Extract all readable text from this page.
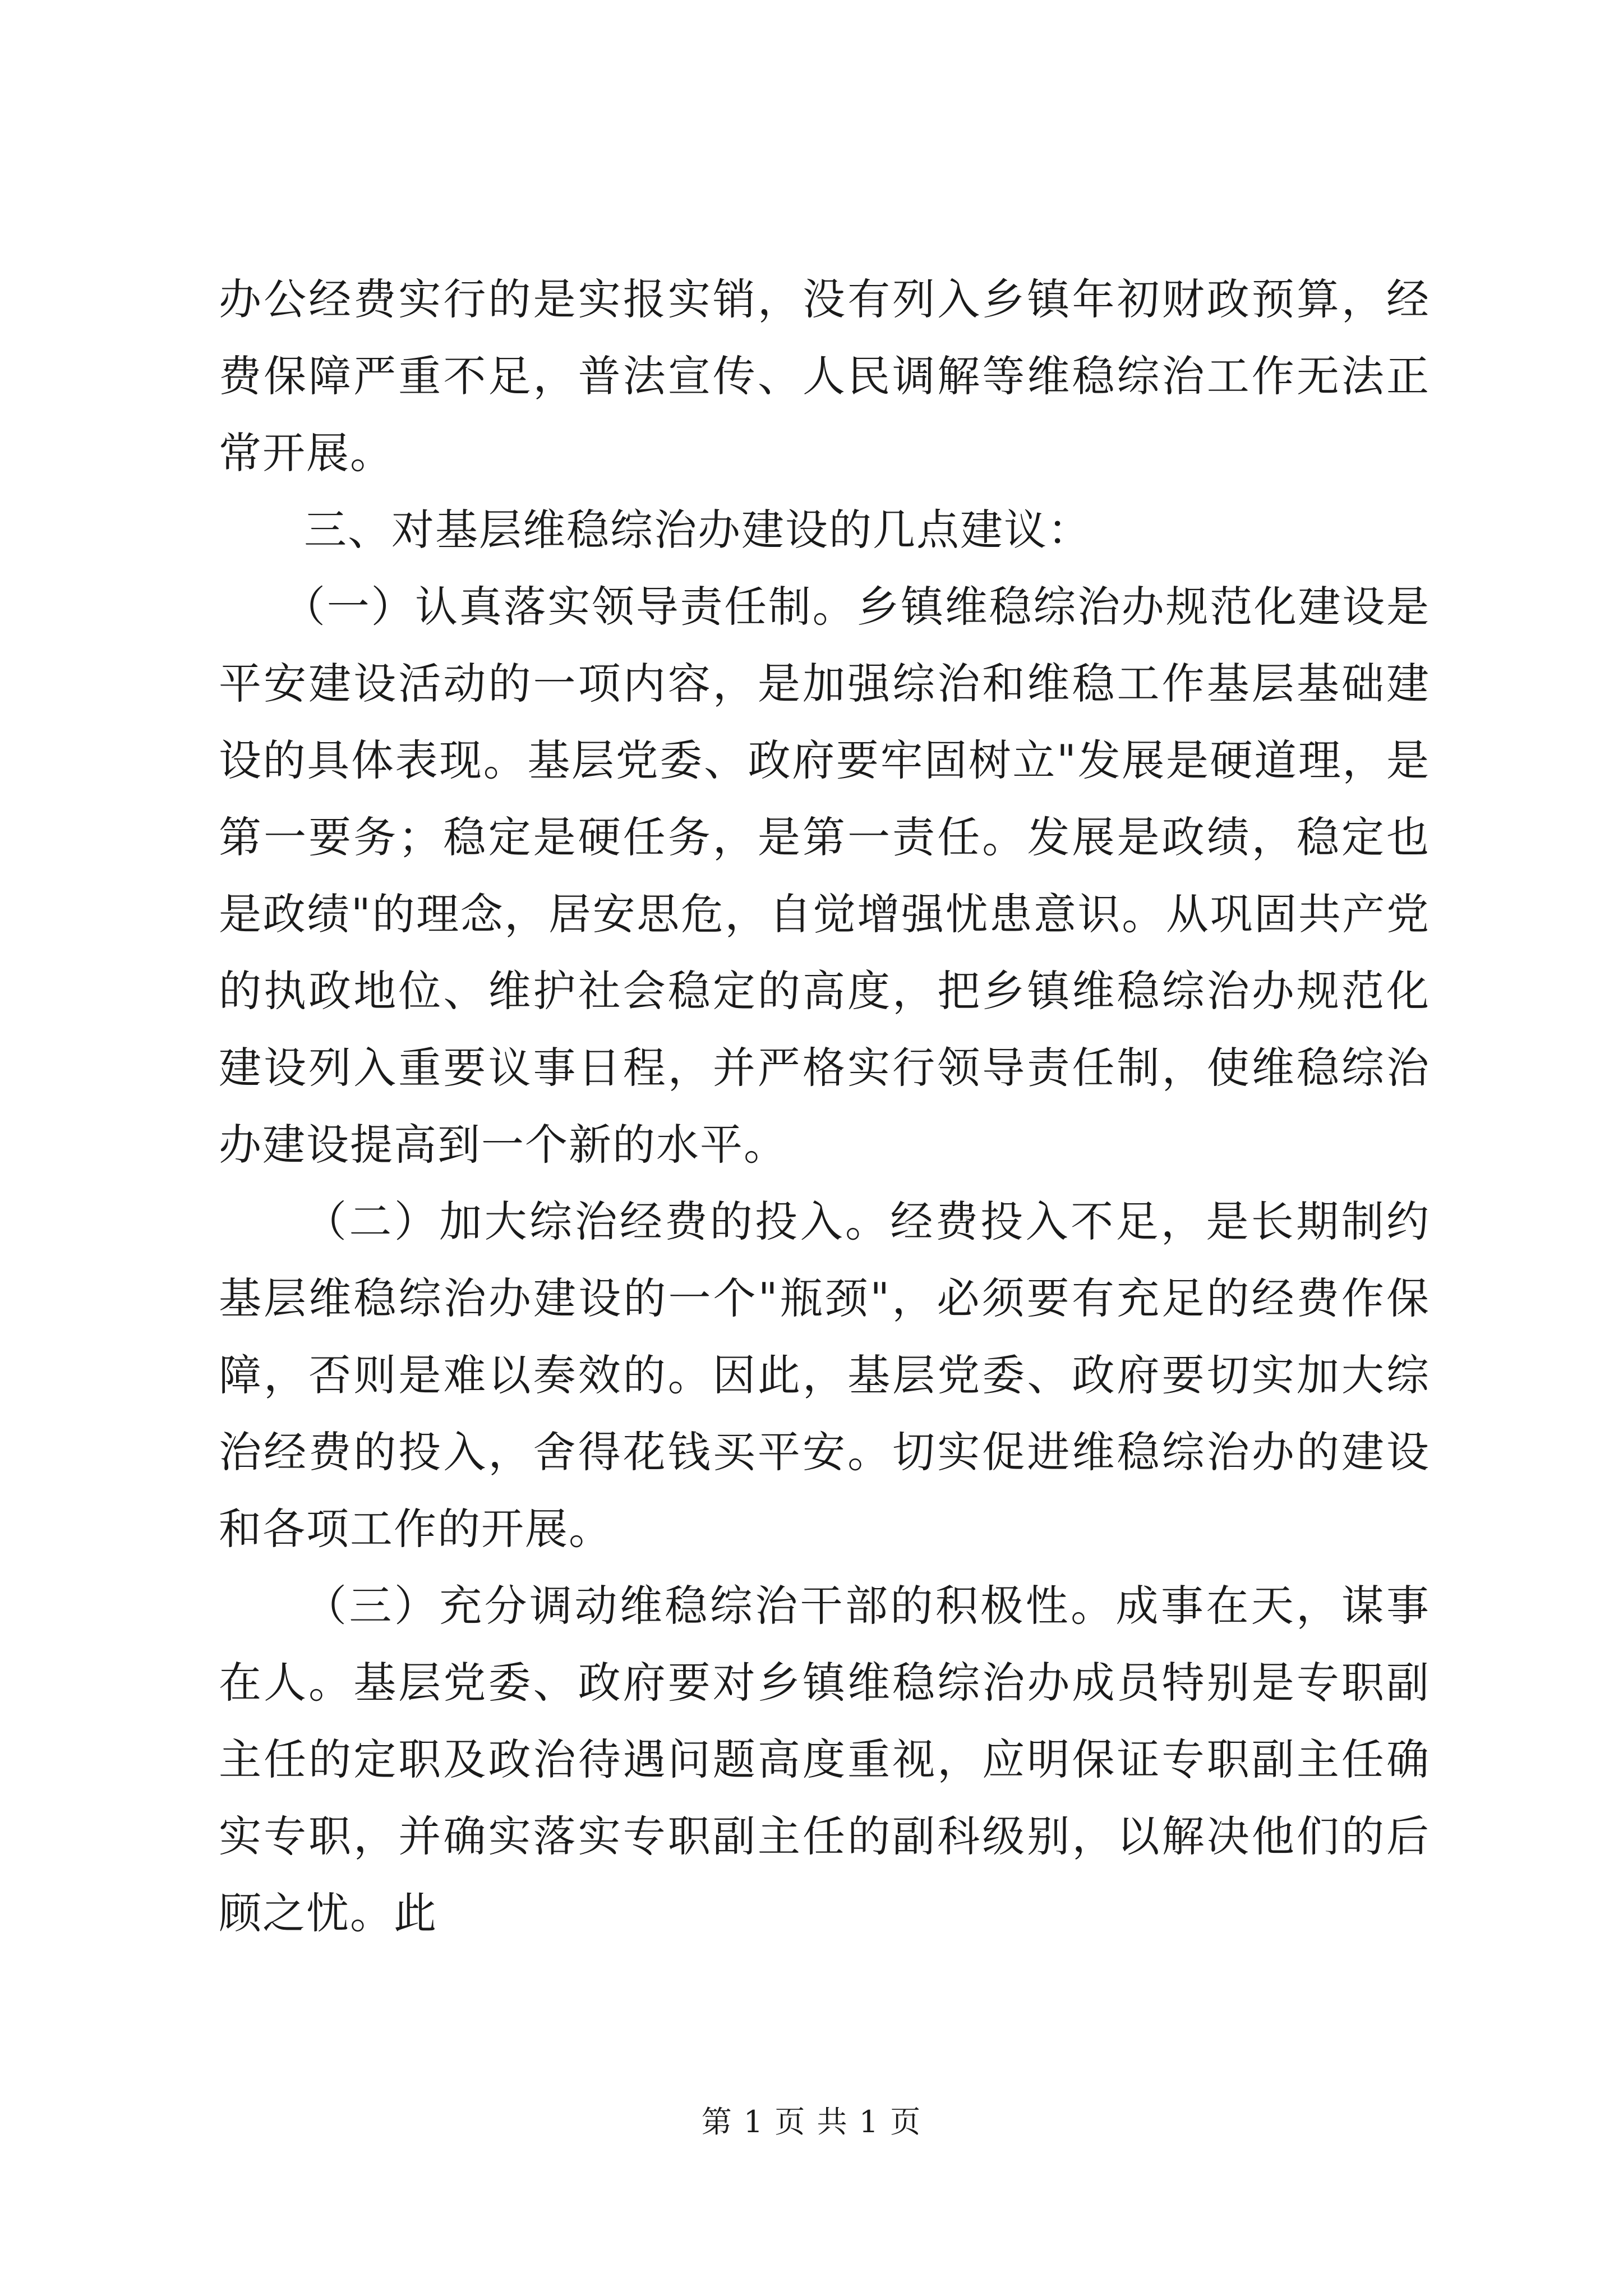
办公经费实行的是实报实销，没有列入乡镇年初财政预算，经费保障严重不足，普法宣传、人民调解等维稳综治工作无法正常开展。

三、对基层维稳综治办建设的几点建议：

（一）认真落实领导责任制。乡镇维稳综治办规范化建设是平安建设活动的一项内容，是加强综治和维稳工作基层基础建设的具体表现。基层党委、政府要牢固树立"发展是硬道理，是第一要务；稳定是硬任务，是第一责任。发展是政绩，稳定也是政绩"的理念，居安思危，自觉增强忧患意识。从巩固共产党的执政地位、维护社会稳定的高度，把乡镇维稳综治办规范化建设列入重要议事日程，并严格实行领导责任制，使维稳综治办建设提高到一个新的水平。

（二）加大综治经费的投入。经费投入不足，是长期制约基层维稳综治办建设的一个"瓶颈"，必须要有充足的经费作保障，否则是难以奏效的。因此，基层党委、政府要切实加大综治经费的投入，舍得花钱买平安。切实促进维稳综治办的建设和各项工作的开展。

（三）充分调动维稳综治干部的积极性。成事在天，谋事在人。基层党委、政府要对乡镇维稳综治办成员特别是专职副主任的定职及政治待遇问题高度重视，应明保证专职副主任确实专职，并确实落实专职副主任的副科级别，以解决他们的后顾之忧。此

第 1 页 共 1 页
